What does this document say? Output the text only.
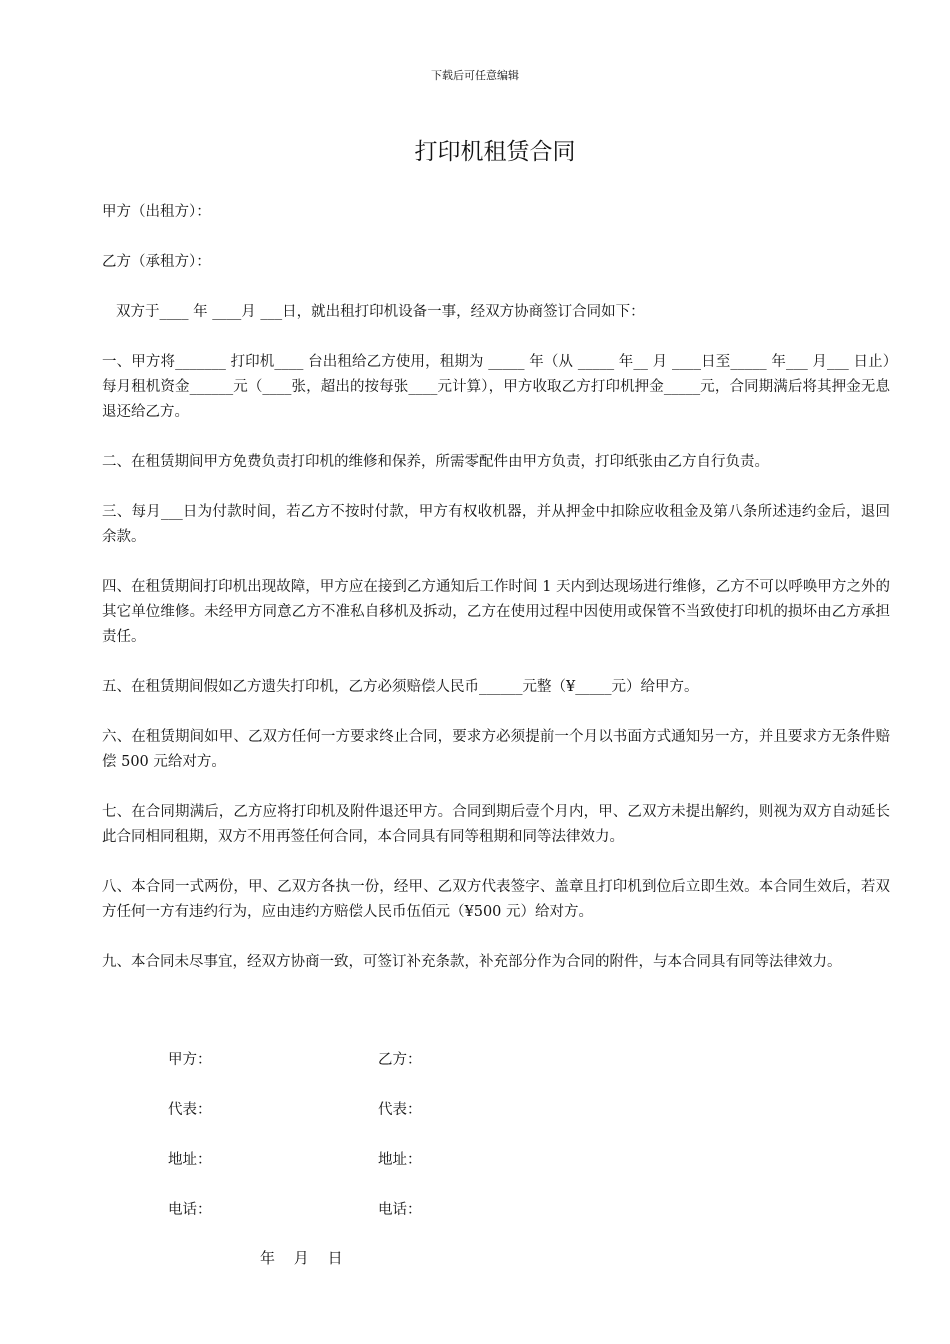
下载后可任意编辑
打印机租赁合同

甲方（出租方）：

乙方（承租方）：

双方于____ 年 ____月 ___日，就出租打印机设备一事，经双方协商签订合同如下：

一、甲方将_______ 打印机____ 台出租给乙方使用，租期为 _____ 年（从 _____ 年__ 月 ____日至_____ 年___ 月___ 日止）每月租机资金______元（____张，超出的按每张____元计算），甲方收取乙方打印机押金_____元，合同期满后将其押金无息退还给乙方。

二、在租赁期间甲方免费负责打印机的维修和保养，所需零配件由甲方负责，打印纸张由乙方自行负责。

三、每月___日为付款时间，若乙方不按时付款，甲方有权收机器，并从押金中扣除应收租金及第八条所述违约金后，退回余款。

四、在租赁期间打印机出现故障，甲方应在接到乙方通知后工作时间 1 天内到达现场进行维修，乙方不可以呼唤甲方之外的其它单位维修。未经甲方同意乙方不准私自移机及拆动，乙方在使用过程中因使用或保管不当致使打印机的损坏由乙方承担责任。

五、在租赁期间假如乙方遗失打印机，乙方必须赔偿人民币______元整（¥_____元）给甲方。

六、在租赁期间如甲、乙双方任何一方要求终止合同，要求方必须提前一个月以书面方式通知另一方，并且要求方无条件赔偿 500 元给对方。

七、在合同期满后，乙方应将打印机及附件退还甲方。合同到期后壹个月内，甲、乙双方未提出解约，则视为双方自动延长此合同相同租期，双方不用再签任何合同，本合同具有同等租期和同等法律效力。

八、本合同一式两份，甲、乙双方各执一份，经甲、乙双方代表签字、盖章且打印机到位后立即生效。本合同生效后，若双方任何一方有违约行为，应由违约方赔偿人民币伍佰元（¥500 元）给对方。

九、本合同未尽事宜，经双方协商一致，可签订补充条款，补充部分作为合同的附件，与本合同具有同等法律效力。

甲方：	乙方：
代表：	代表：
地址：	地址：
电话：	电话：
年 月 日
